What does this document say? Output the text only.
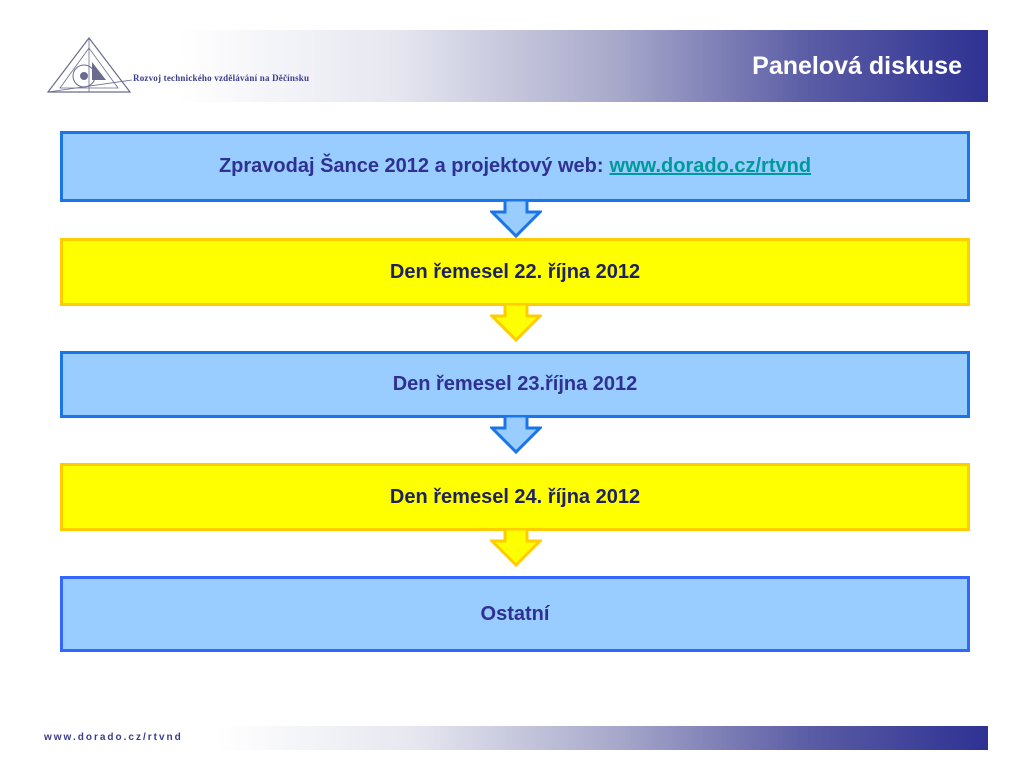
Rozvoj technického vzdělávání na Děčínsku	Panelová diskuse
Zpravodaj Šance 2012 a projektový web: www.dorado.cz/rtvnd
Den řemesel 22. října 2012
Den řemesel 23.října 2012
Den řemesel 24. října 2012
Ostatní
www.dorado.cz/rtvnd
